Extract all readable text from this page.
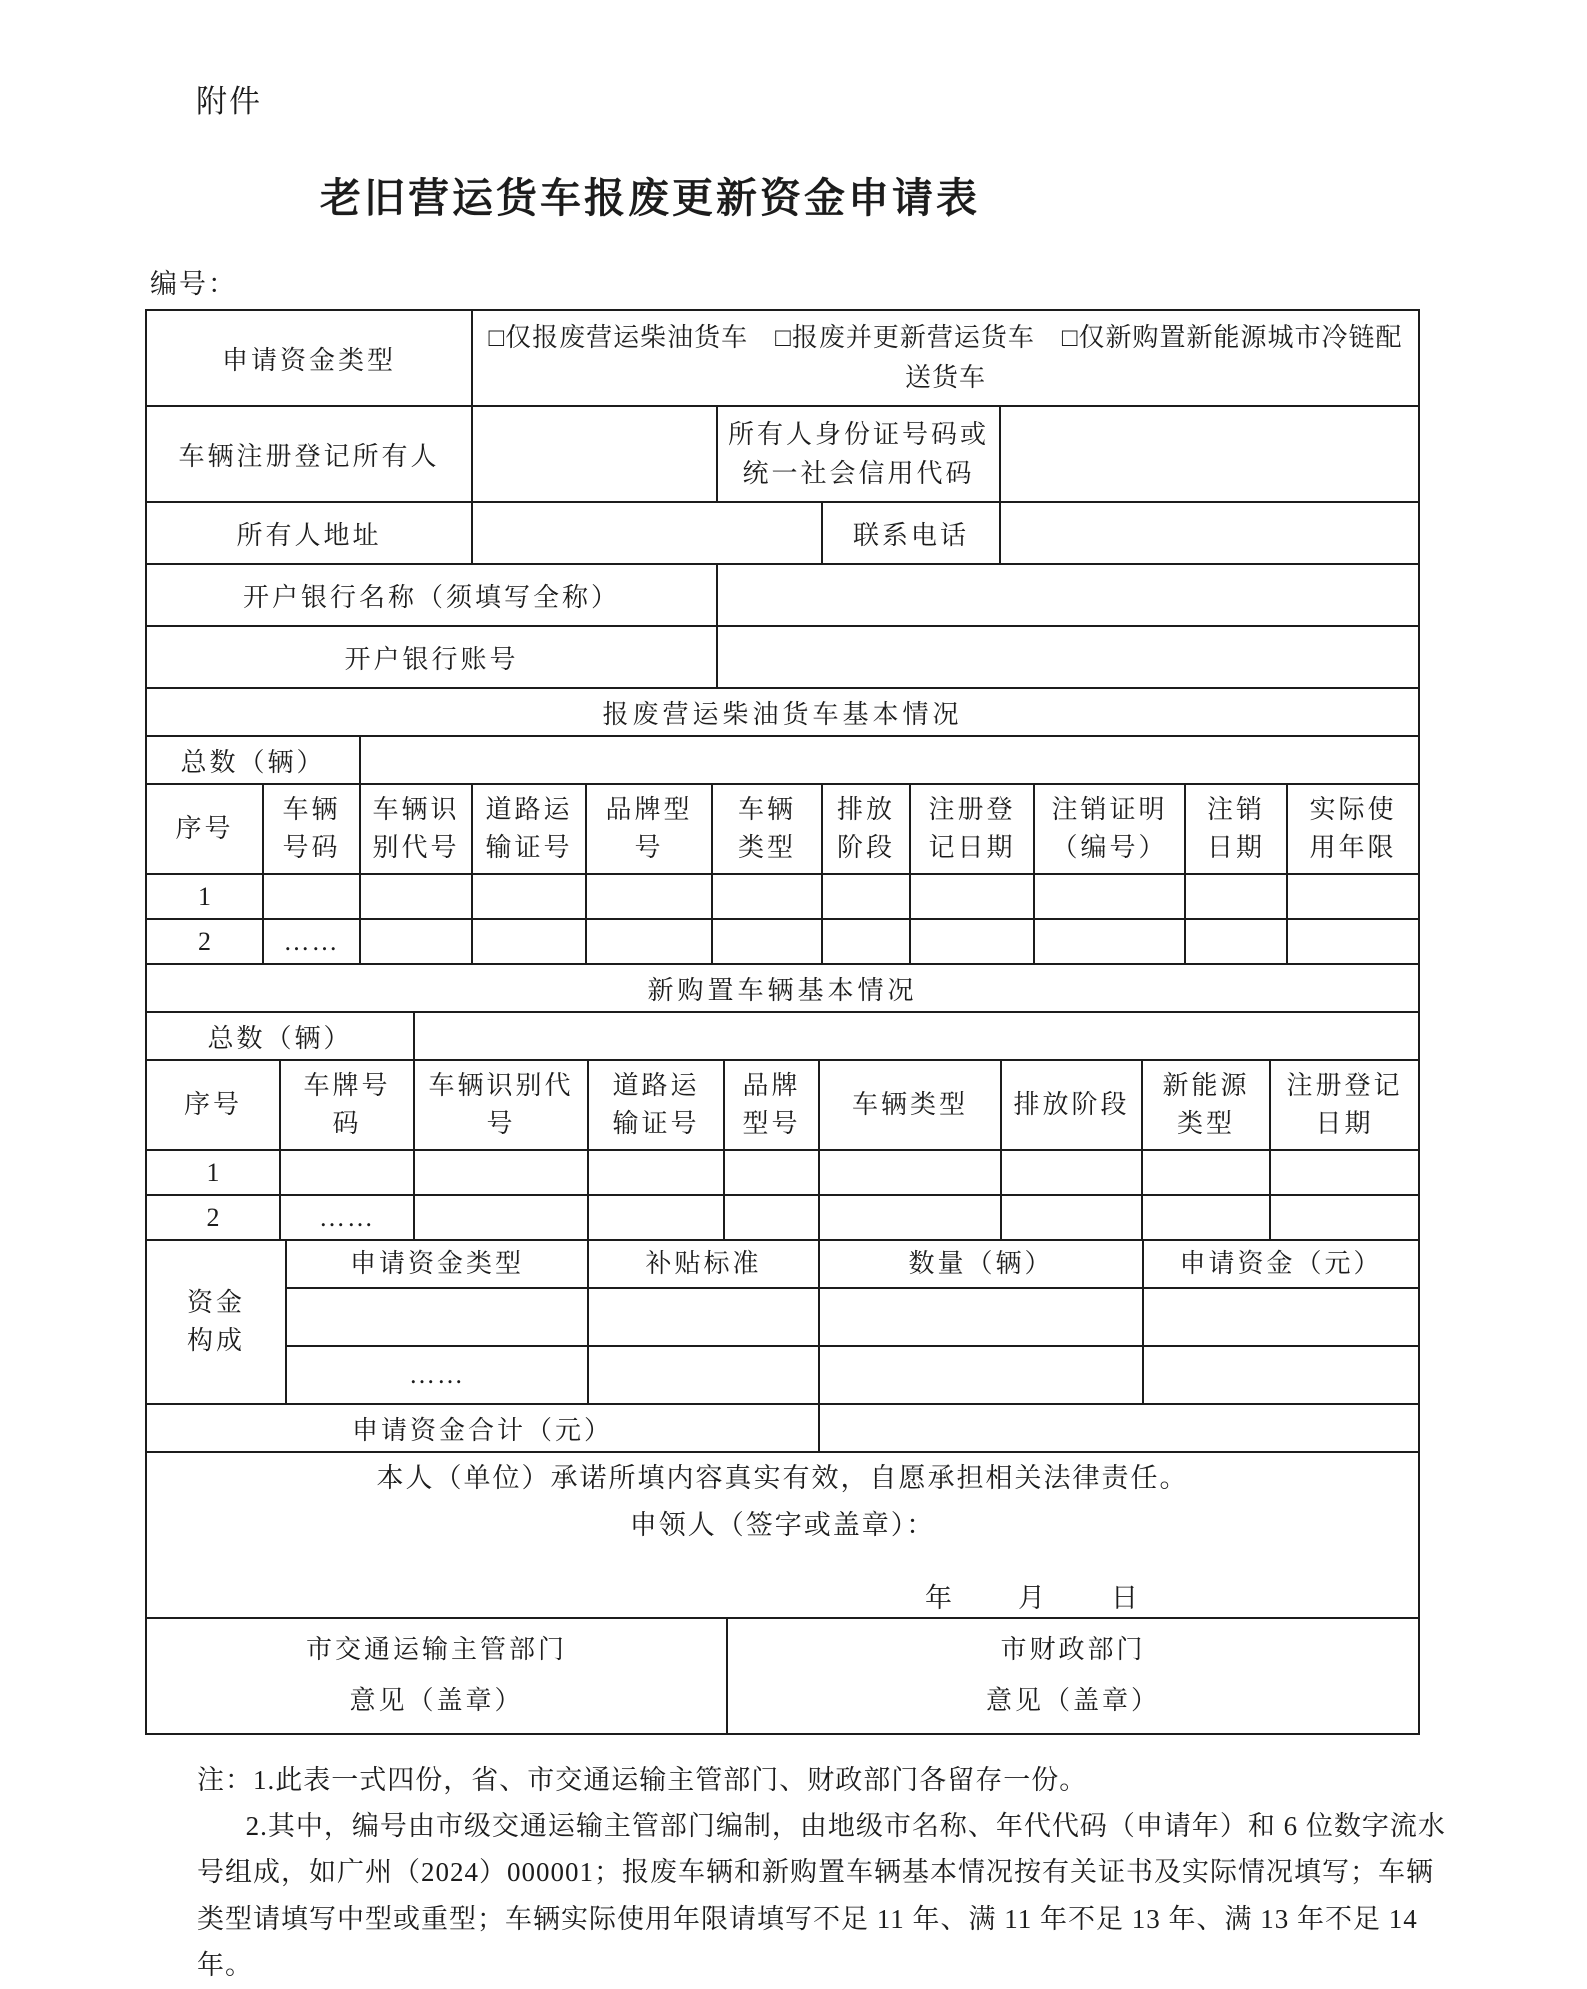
附件
老旧营运货车报废更新资金申请表
编号：
申请资金类型	□仅报废营运柴油货车　□报废并更新营运货车　□仅新购置新能源城市冷链配送货车			
车辆注册登记所有人		所有人身份证号码或统一社会信用代码		
所有人地址			联系电话	
开户银行名称（须填写全称）				
开户银行账号				
报废营运柴油货车基本情况										
总数（辆）										
序号	车辆号码	车辆识别代号	道路运输证号	品牌型号	车辆类型	排放阶段	注册登记日期	注销证明（编号）	注销日期	实际使用年限
1										
2	……									
新购置车辆基本情况								
总数（辆）								
序号	车牌号码	车辆识别代号	道路运输证号	品牌型号	车辆类型	排放阶段	新能源类型	注册登记日期
1								
2	……							
资金构成	申请资金类型	补贴标准	数量（辆）	申请资金（元）

	……			
申请资金合计（元）				
本人（单位）承诺所填内容真实有效，自愿承担相关法律责任。
申领人（签字或盖章）：
年　　月　　日
市交通运输主管部门
意见（盖章）

市财政部门
意见（盖章）

注：1.此表一式四份，省、市交通运输主管部门、财政部门各留存一份。

2.其中，编号由市级交通运输主管部门编制，由地级市名称、年代代码（申请年）和 6 位数字流水号组成，如广州（2024）000001；报废车辆和新购置车辆基本情况按有关证书及实际情况填写；车辆类型请填写中型或重型；车辆实际使用年限请填写不足 11 年、满 11 年不足 13 年、满 13 年不足 14 年。
